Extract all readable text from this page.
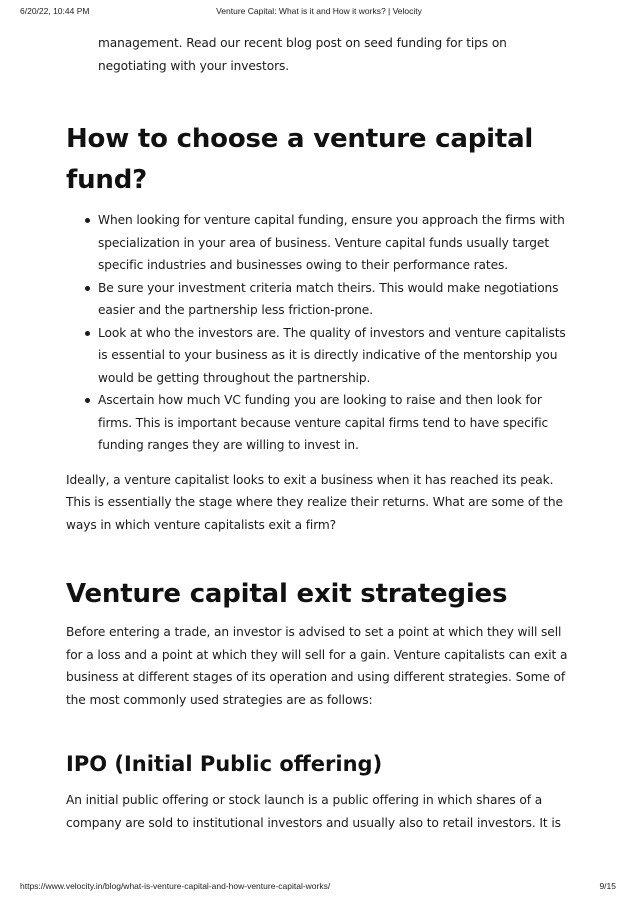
6/20/22, 10:44 PM	Venture Capital: What is it and How it works? | Velocity

management. Read our recent blog post on seed funding for tips on negotiating with your investors.

How to choose a venture capital fund?
When looking for venture capital funding, ensure you approach the firms with specialization in your area of business. Venture capital funds usually target specific industries and businesses owing to their performance rates.
Be sure your investment criteria match theirs. This would make negotiations easier and the partnership less friction-prone.
Look at who the investors are. The quality of investors and venture capitalists is essential to your business as it is directly indicative of the mentorship you would be getting throughout the partnership.
Ascertain how much VC funding you are looking to raise and then look for firms. This is important because venture capital firms tend to have specific funding ranges they are willing to invest in.

Ideally, a venture capitalist looks to exit a business when it has reached its peak. This is essentially the stage where they realize their returns. What are some of the ways in which venture capitalists exit a firm?

Venture capital exit strategies

Before entering a trade, an investor is advised to set a point at which they will sell for a loss and a point at which they will sell for a gain. Venture capitalists can exit a business at different stages of its operation and using different strategies. Some of the most commonly used strategies are as follows:

IPO (Initial Public offering)

An initial public offering or stock launch is a public offering in which shares of a company are sold to institutional investors and usually also to retail investors. It is

https://www.velocity.in/blog/what-is-venture-capital-and-how-venture-capital-works/	9/15
